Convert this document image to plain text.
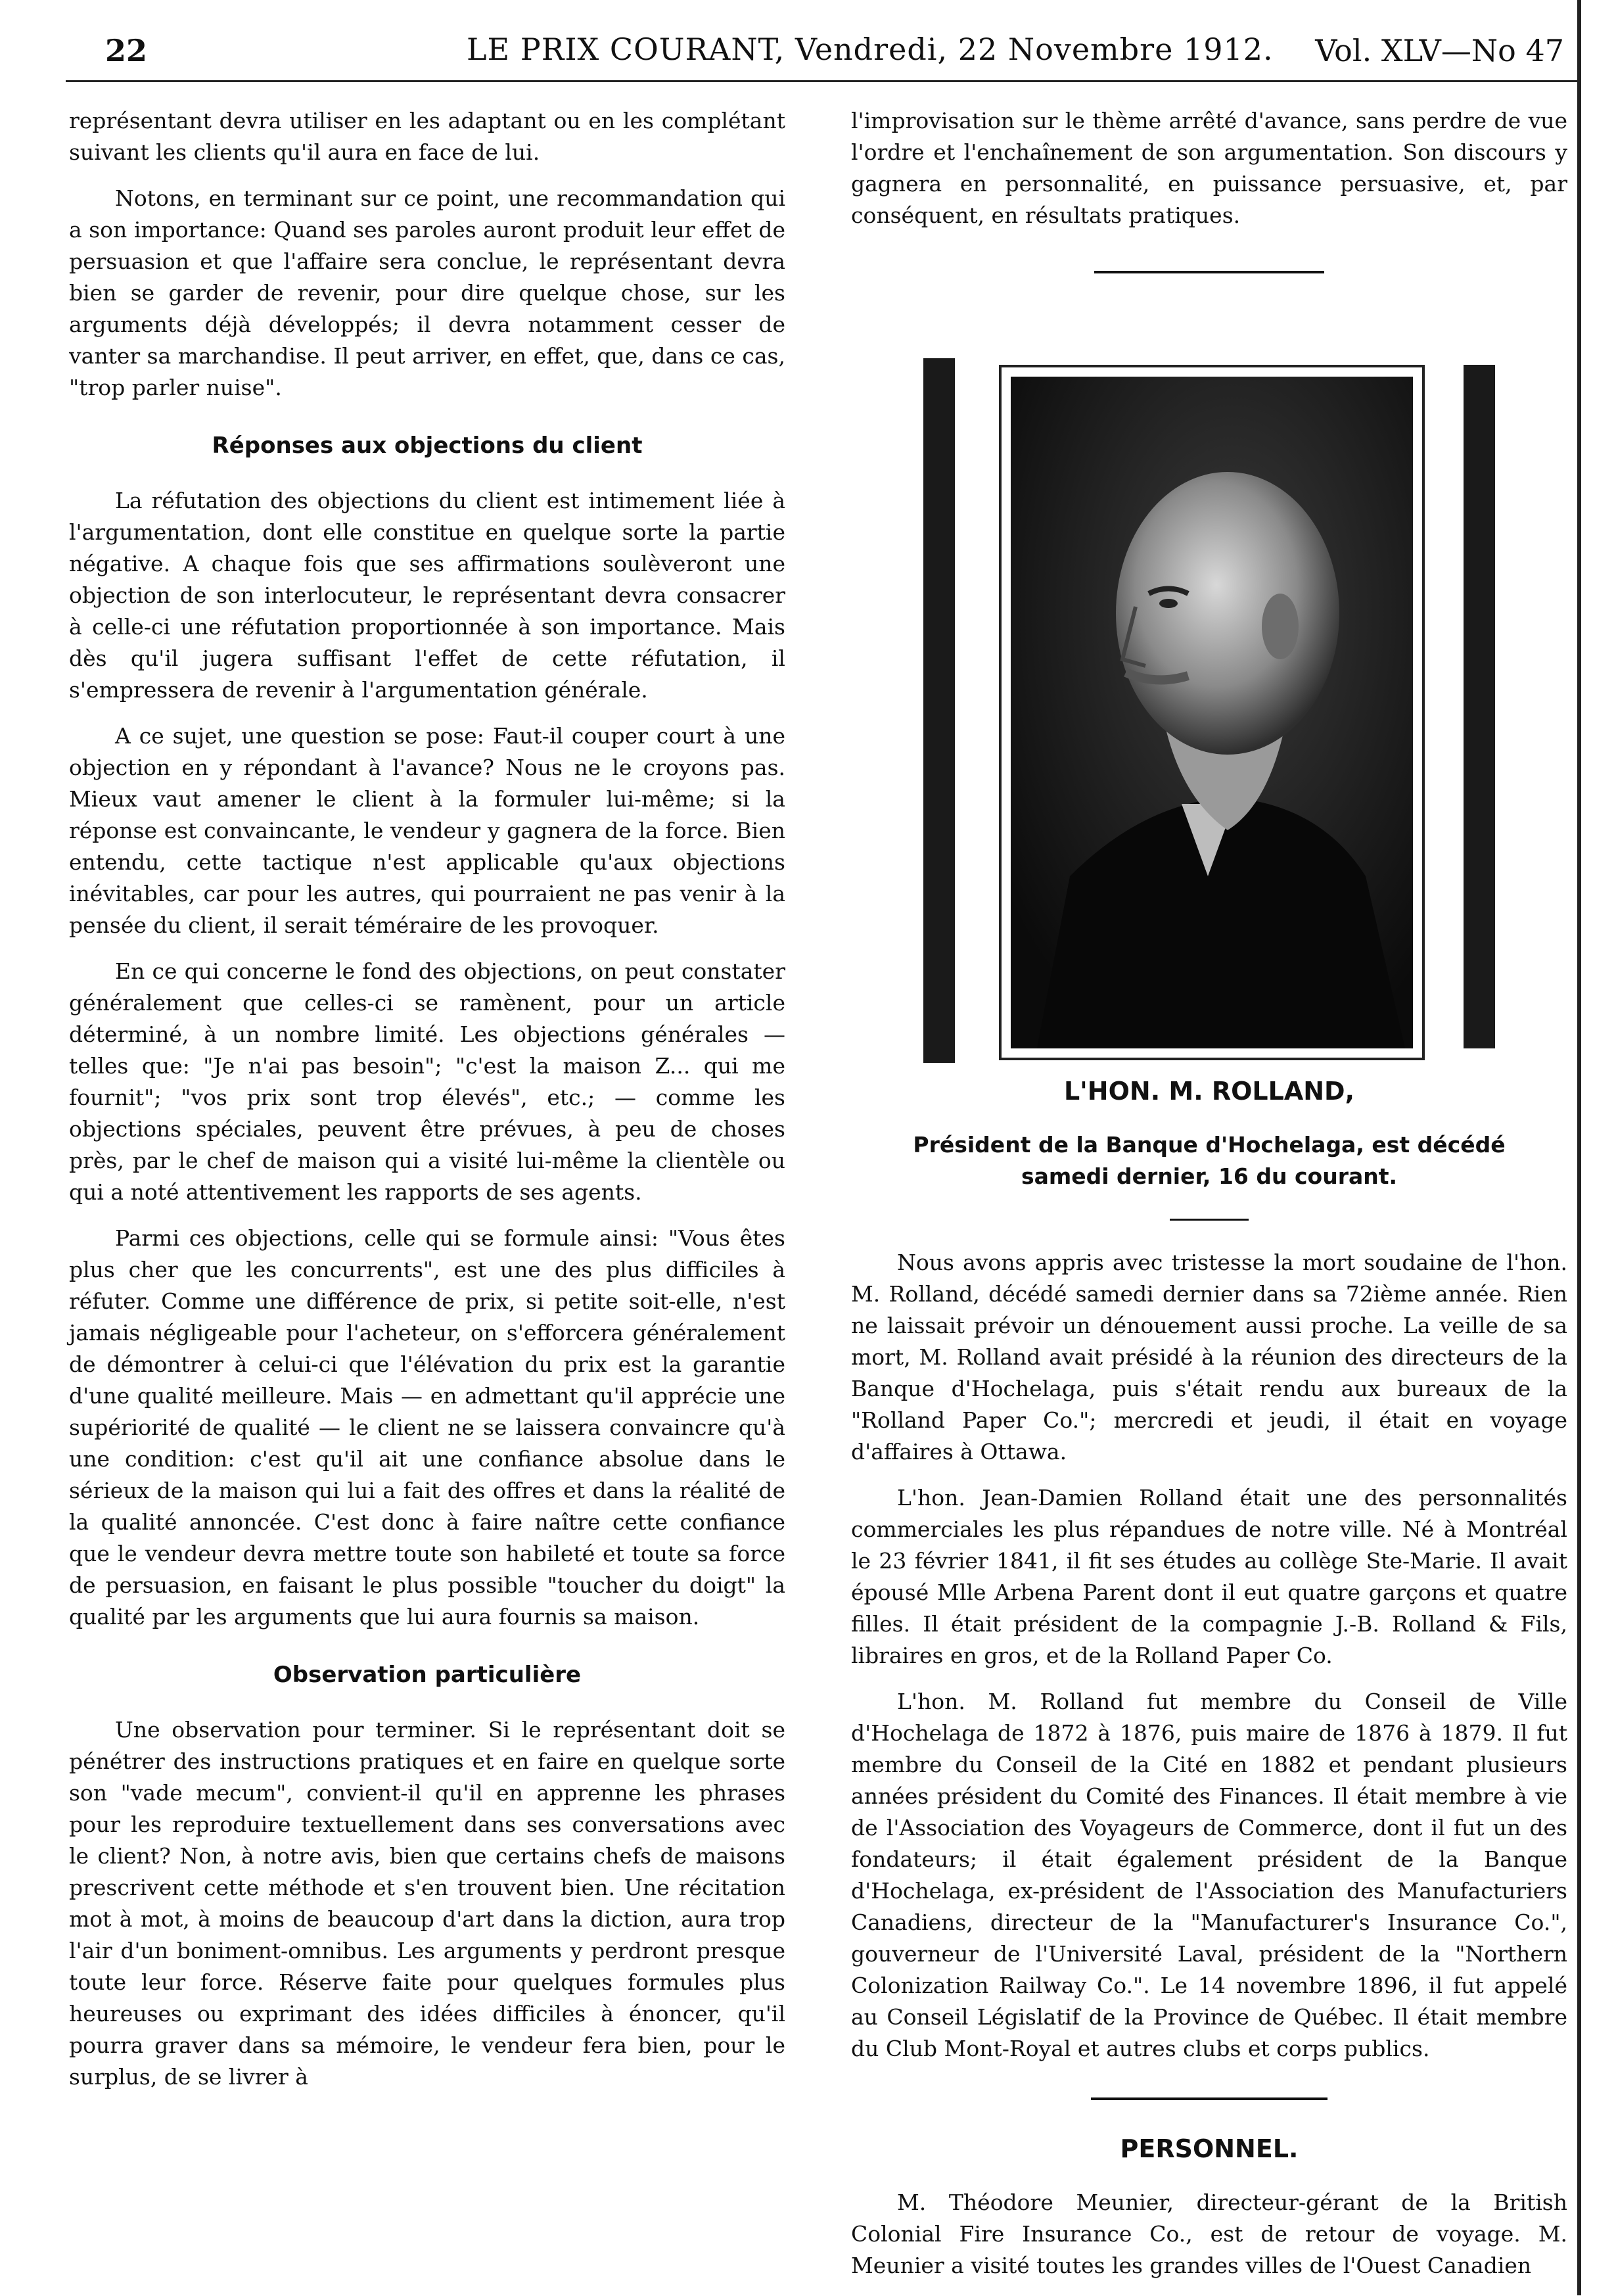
22	LE PRIX COURANT, Vendredi, 22 Novembre 1912. Vol. XLV—No 47

représentant devra utiliser en les adaptant ou en les complétant suivant les clients qu'il aura en face de lui.

Notons, en terminant sur ce point, une recommandation qui a son importance: Quand ses paroles auront produit leur effet de persuasion et que l'affaire sera conclue, le représentant devra bien se garder de revenir, pour dire quelque chose, sur les arguments déjà développés; il devra notamment cesser de vanter sa marchandise. Il peut arriver, en effet, que, dans ce cas, "trop parler nuise".

Réponses aux objections du client

La réfutation des objections du client est intimement liée à l'argumentation, dont elle constitue en quelque sorte la partie négative. A chaque fois que ses affirmations soulèveront une objection de son interlocuteur, le représentant devra consacrer à celle-ci une réfutation proportionnée à son importance. Mais dès qu'il jugera suffisant l'effet de cette réfutation, il s'empressera de revenir à l'argumentation générale.

A ce sujet, une question se pose: Faut-il couper court à une objection en y répondant à l'avance? Nous ne le croyons pas. Mieux vaut amener le client à la formuler lui-même; si la réponse est convaincante, le vendeur y gagnera de la force. Bien entendu, cette tactique n'est applicable qu'aux objections inévitables, car pour les autres, qui pourraient ne pas venir à la pensée du client, il serait téméraire de les provoquer.

En ce qui concerne le fond des objections, on peut constater généralement que celles-ci se ramènent, pour un article déterminé, à un nombre limité. Les objections générales — telles que: "Je n'ai pas besoin"; "c'est la maison Z... qui me fournit"; "vos prix sont trop élevés", etc.; — comme les objections spéciales, peuvent être prévues, à peu de choses près, par le chef de maison qui a visité lui-même la clientèle ou qui a noté attentivement les rapports de ses agents.

Parmi ces objections, celle qui se formule ainsi: "Vous êtes plus cher que les concurrents", est une des plus difficiles à réfuter. Comme une différence de prix, si petite soit-elle, n'est jamais négligeable pour l'acheteur, on s'efforcera généralement de démontrer à celui-ci que l'élévation du prix est la garantie d'une qualité meilleure. Mais — en admettant qu'il apprécie une supériorité de qualité — le client ne se laissera convaincre qu'à une condition: c'est qu'il ait une confiance absolue dans le sérieux de la maison qui lui a fait des offres et dans la réalité de la qualité annoncée. C'est donc à faire naître cette confiance que le vendeur devra mettre toute son habileté et toute sa force de persuasion, en faisant le plus possible "toucher du doigt" la qualité par les arguments que lui aura fournis sa maison.

Observation particulière

Une observation pour terminer. Si le représentant doit se pénétrer des instructions pratiques et en faire en quelque sorte son "vade mecum", convient-il qu'il en apprenne les phrases pour les reproduire textuellement dans ses conversations avec le client? Non, à notre avis, bien que certains chefs de maisons prescrivent cette méthode et s'en trouvent bien. Une récitation mot à mot, à moins de beaucoup d'art dans la diction, aura trop l'air d'un boniment-omnibus. Les arguments y perdront presque toute leur force. Réserve faite pour quelques formules plus heureuses ou exprimant des idées difficiles à énoncer, qu'il pourra graver dans sa mémoire, le vendeur fera bien, pour le surplus, de se livrer à

l'improvisation sur le thème arrêté d'avance, sans perdre de vue l'ordre et l'enchaînement de son argumentation. Son discours y gagnera en personnalité, en puissance persuasive, et, par conséquent, en résultats pratiques.

L'HON. M. ROLLAND,
Président de la Banque d'Hochelaga, est décédé samedi dernier, 16 du courant.

Nous avons appris avec tristesse la mort soudaine de l'hon. M. Rolland, décédé samedi dernier dans sa 72ième année. Rien ne laissait prévoir un dénouement aussi proche. La veille de sa mort, M. Rolland avait présidé à la réunion des directeurs de la Banque d'Hochelaga, puis s'était rendu aux bureaux de la "Rolland Paper Co."; mercredi et jeudi, il était en voyage d'affaires à Ottawa.

L'hon. Jean-Damien Rolland était une des personnalités commerciales les plus répandues de notre ville. Né à Montréal le 23 février 1841, il fit ses études au collège Ste-Marie. Il avait épousé Mlle Arbena Parent dont il eut quatre garçons et quatre filles. Il était président de la compagnie J.-B. Rolland & Fils, libraires en gros, et de la Rolland Paper Co.

L'hon. M. Rolland fut membre du Conseil de Ville d'Hochelaga de 1872 à 1876, puis maire de 1876 à 1879. Il fut membre du Conseil de la Cité en 1882 et pendant plusieurs années président du Comité des Finances. Il était membre à vie de l'Association des Voyageurs de Commerce, dont il fut un des fondateurs; il était également président de la Banque d'Hochelaga, ex-président de l'Association des Manufacturiers Canadiens, directeur de la "Manufacturer's Insurance Co.", gouverneur de l'Université Laval, président de la "Northern Colonization Railway Co.". Le 14 novembre 1896, il fut appelé au Conseil Législatif de la Province de Québec. Il était membre du Club Mont-Royal et autres clubs et corps publics.

PERSONNEL.

M. Théodore Meunier, directeur-gérant de la British Colonial Fire Insurance Co., est de retour de voyage. M. Meunier a visité toutes les grandes villes de l'Ouest Canadien
